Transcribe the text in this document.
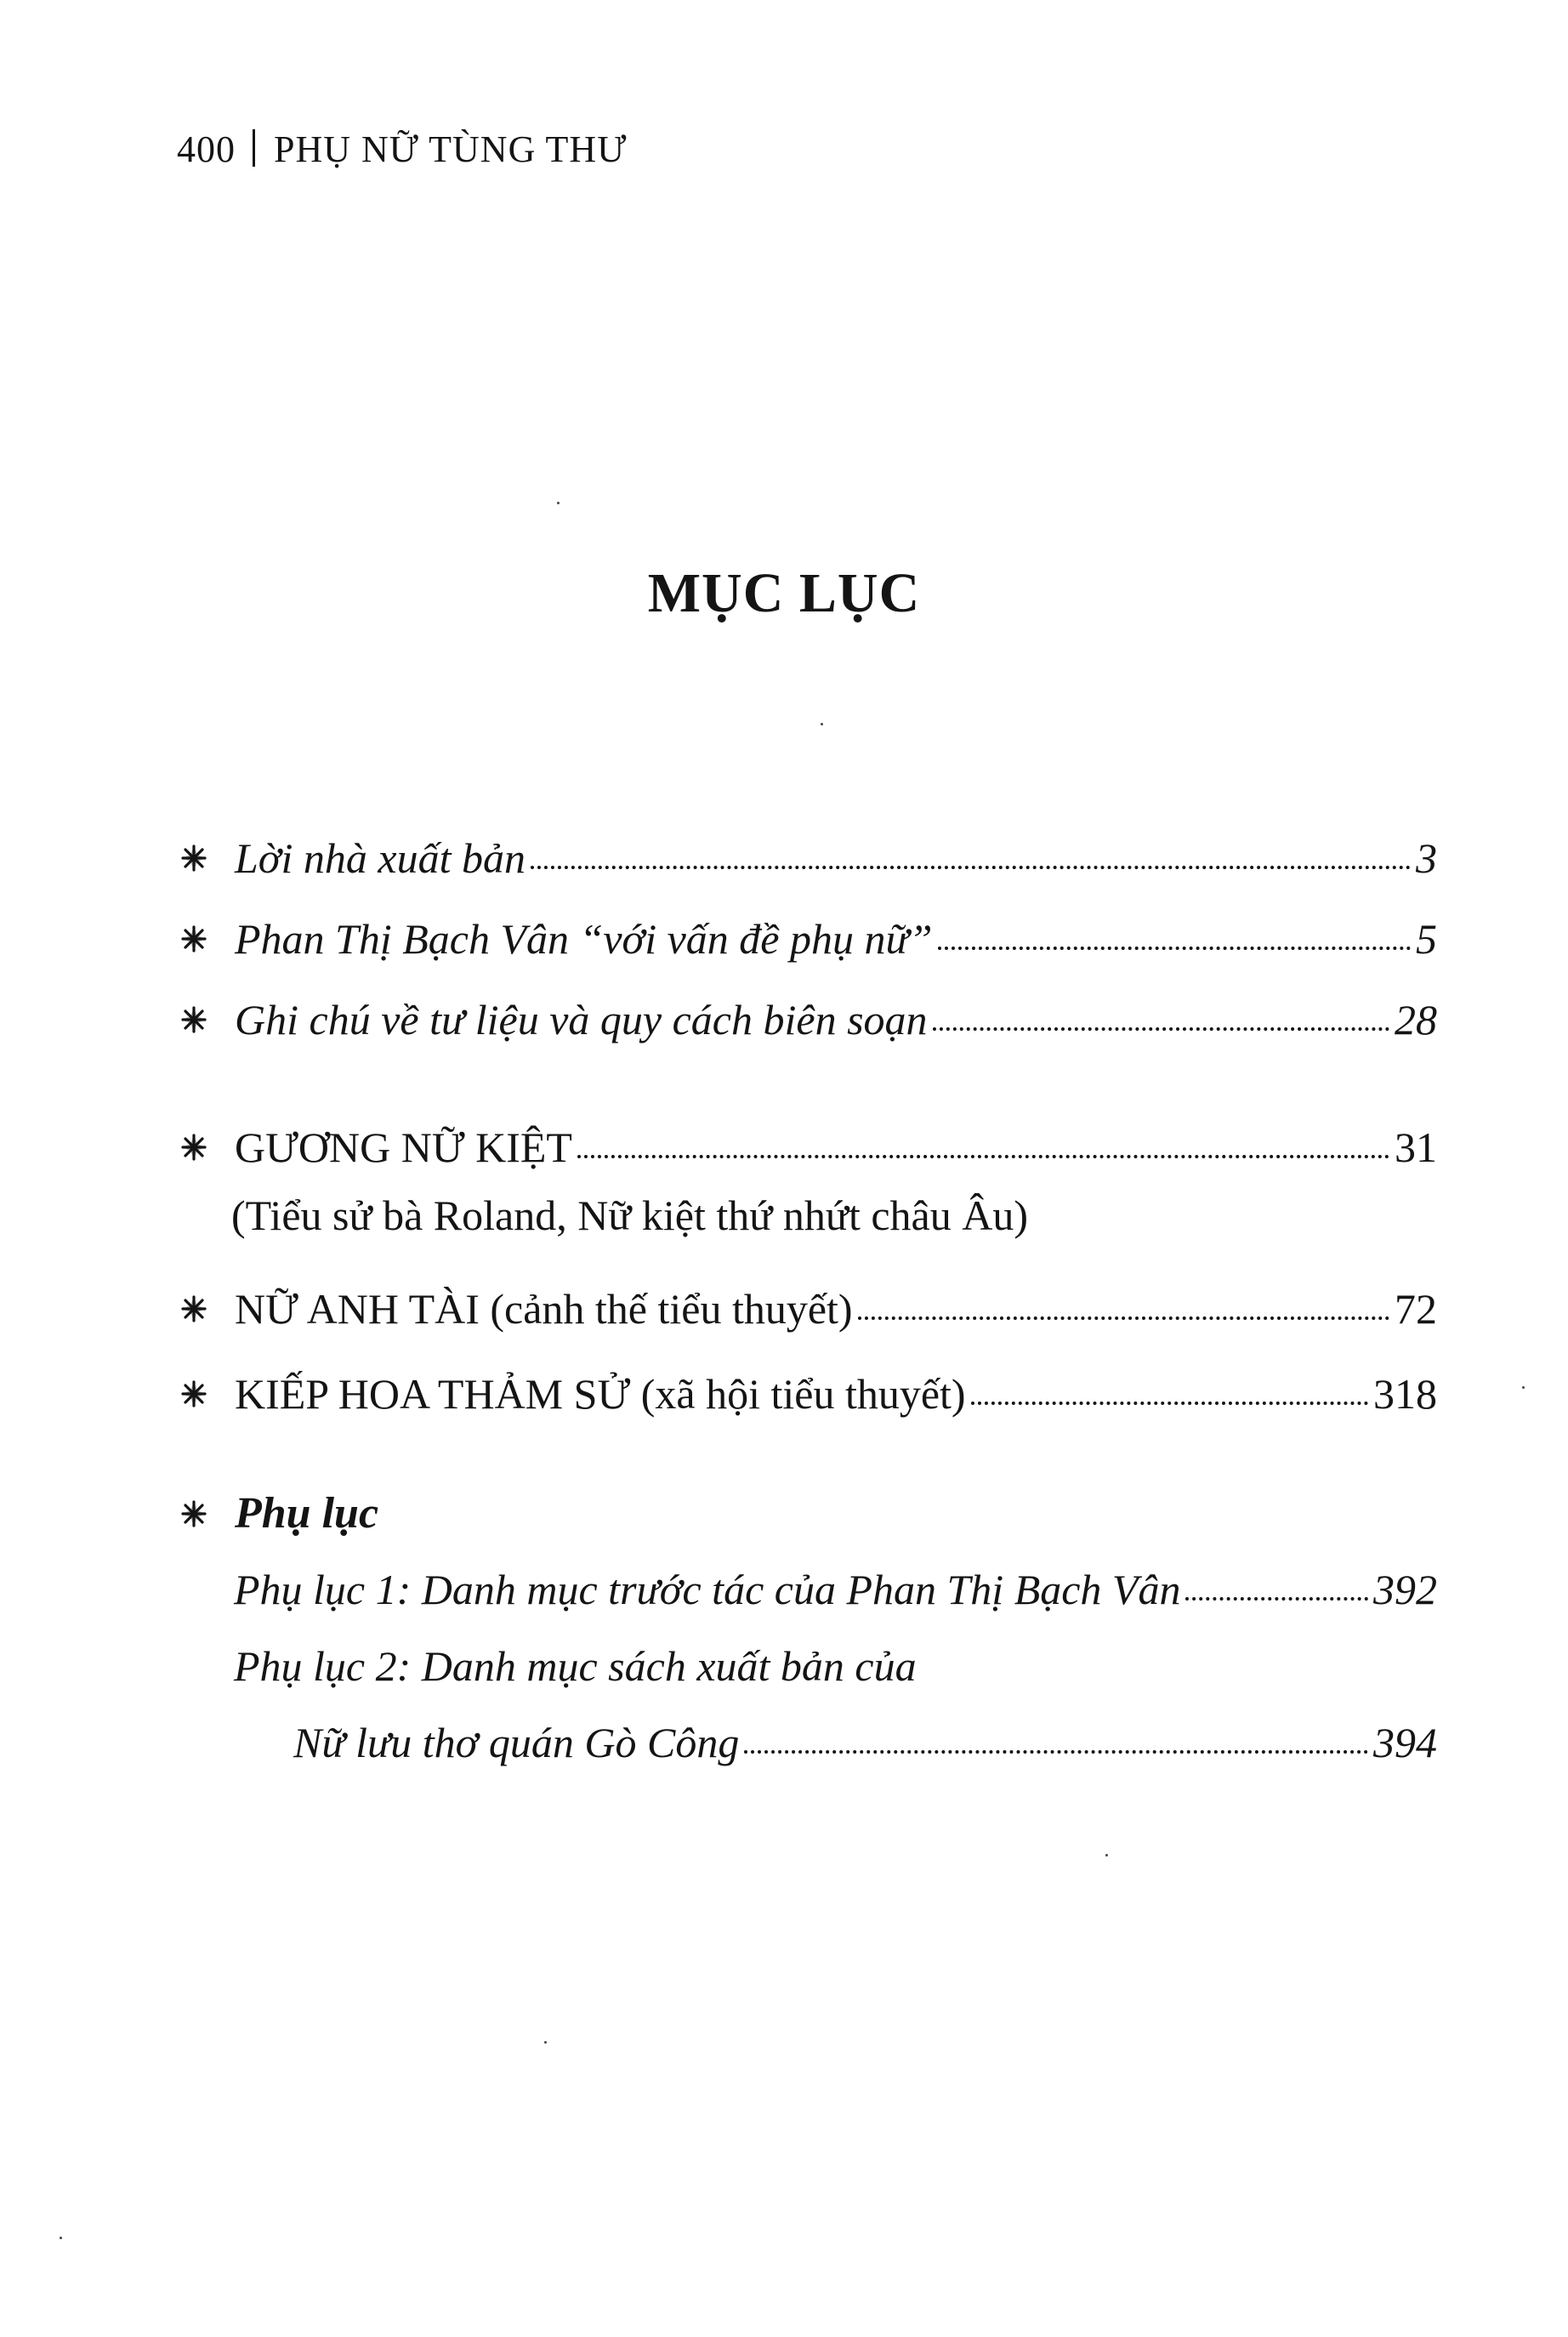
400 PHỤ NỮ TÙNG THƯ
MỤC LỤC
Lời nhà xuất bản	3
Phan Thị Bạch Vân “với vấn đề phụ nữ”	5
Ghi chú về tư liệu và quy cách biên soạn	28
GƯƠNG NỮ KIỆT	31
(Tiểu sử bà Roland, Nữ kiệt thứ nhứt châu Âu)
NỮ ANH TÀI (cảnh thế tiểu thuyết)	72
KIẾP HOA THẢM SỬ (xã hội tiểu thuyết)	318
Phụ lục
Phụ lục 1: Danh mục trước tác của Phan Thị Bạch Vân	392
Phụ lục 2: Danh mục sách xuất bản của
Nữ lưu thơ quán Gò Công	394
